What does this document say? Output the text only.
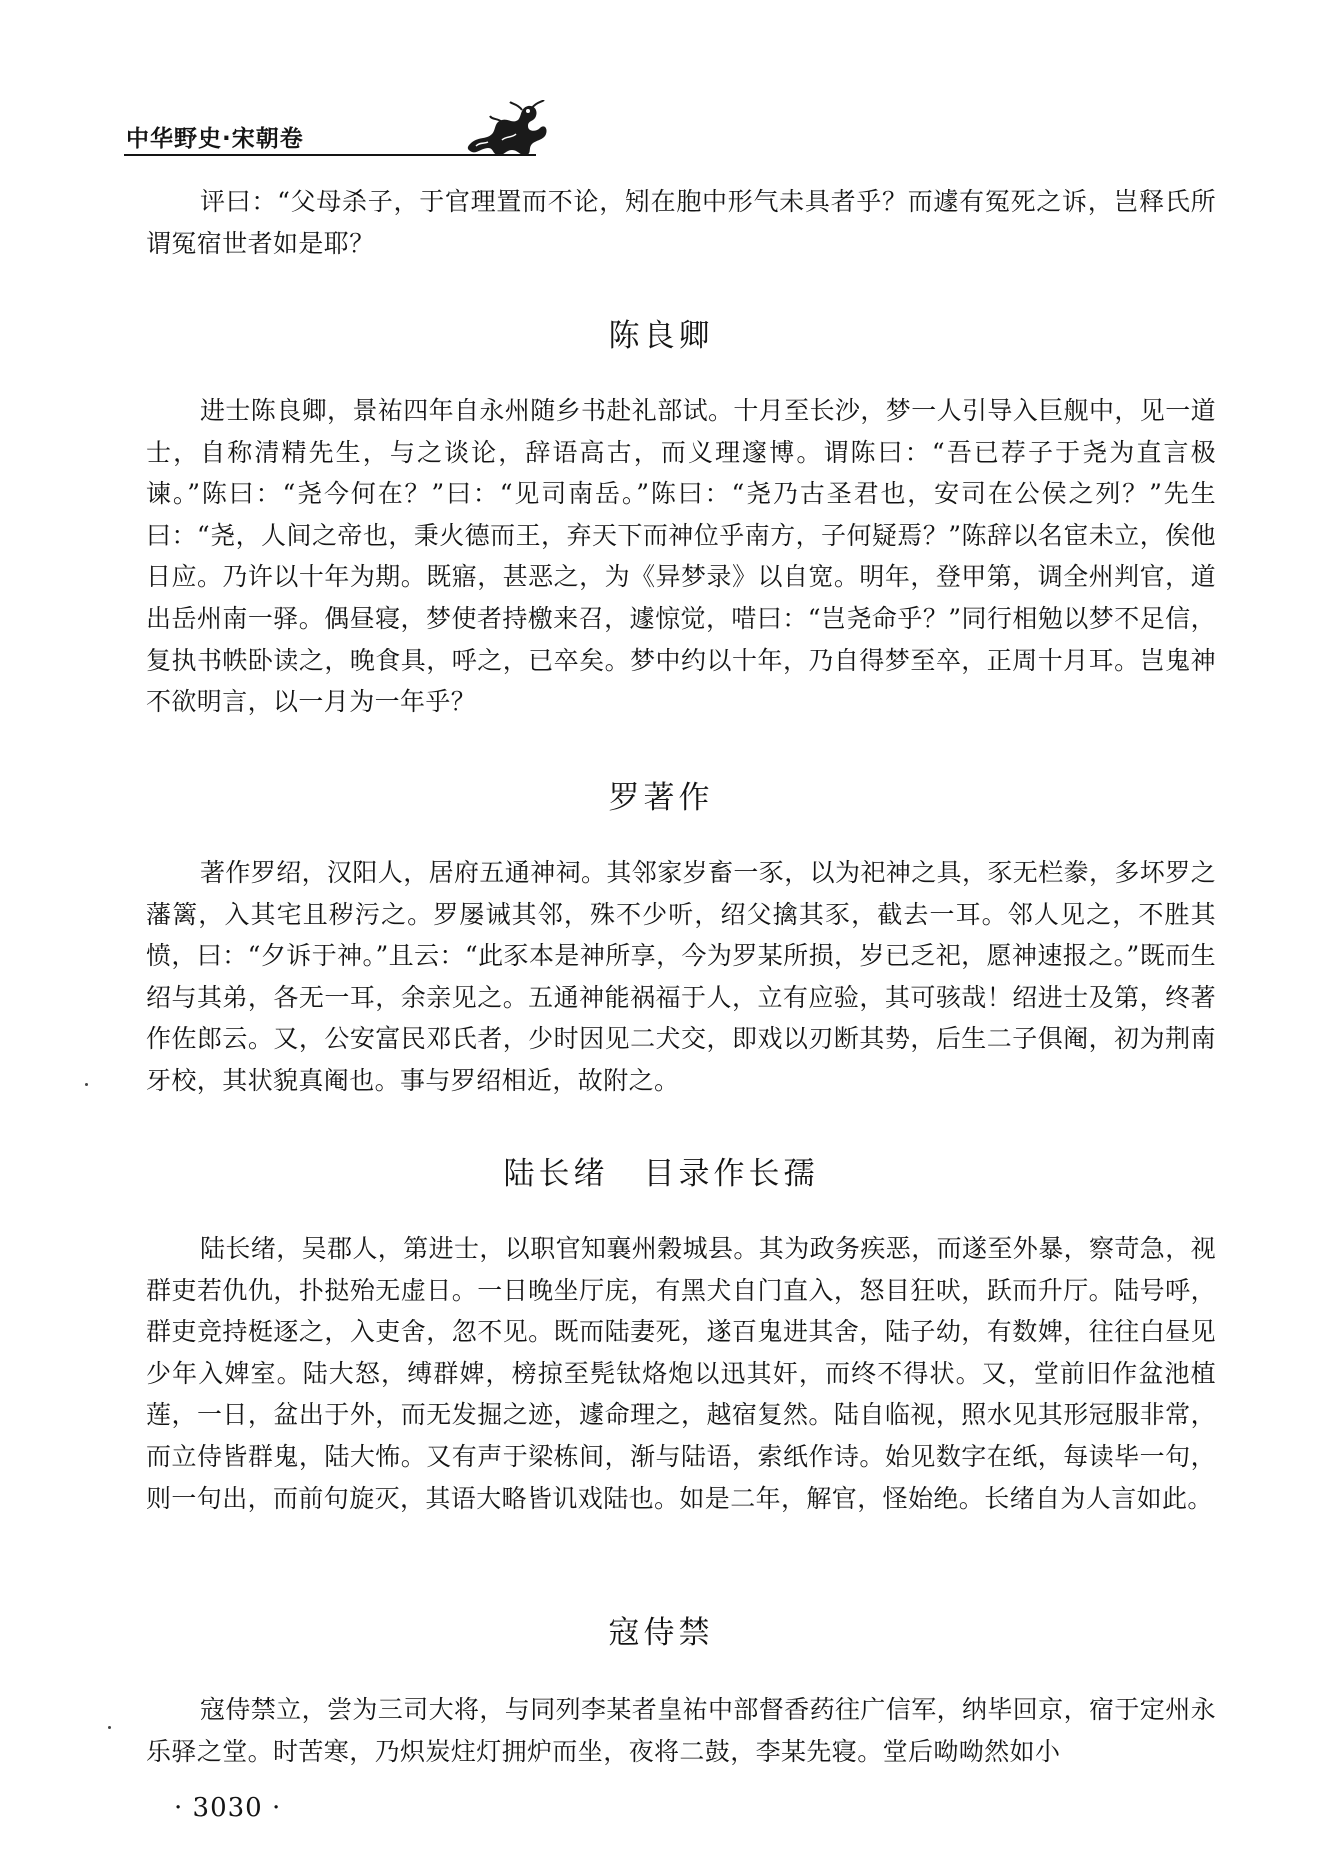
中华野史·宋朝卷

评曰：“父母杀子，于官理置而不论，矧在胞中形气未具者乎？而遽有冤死之诉，岂释氏所谓冤宿世者如是耶？

陈良卿

进士陈良卿，景祐四年自永州随乡书赴礼部试。十月至长沙，梦一人引导入巨舰中，见一道士，自称清精先生，与之谈论，辞语高古，而义理邃博。谓陈曰：“吾已荐子于尧为直言极谏。”陈曰：“尧今何在？”曰：“见司南岳。”陈曰：“尧乃古圣君也，安司在公侯之列？”先生曰：“尧，人间之帝也，秉火德而王，弃天下而神位乎南方，子何疑焉？”陈辞以名宦未立，俟他日应。乃许以十年为期。既寤，甚恶之，为《异梦录》以自宽。明年，登甲第，调全州判官，道出岳州南一驿。偶昼寝，梦使者持檄来召，遽惊觉，唶曰：“岂尧命乎？”同行相勉以梦不足信，复执书帙卧读之，晚食具，呼之，已卒矣。梦中约以十年，乃自得梦至卒，正周十月耳。岂鬼神不欲明言，以一月为一年乎？

罗著作

著作罗绍，汉阳人，居府五通神祠。其邻家岁畜一豕，以为祀神之具，豕无栏豢，多坏罗之藩篱，入其宅且秽污之。罗屡诫其邻，殊不少听，绍父擒其豕，截去一耳。邻人见之，不胜其愤，曰：“夕诉于神。”且云：“此豕本是神所享，今为罗某所损，岁已乏祀，愿神速报之。”既而生绍与其弟，各无一耳，余亲见之。五通神能祸福于人，立有应验，其可骇哉！绍进士及第，终著作佐郎云。又，公安富民邓氏者，少时因见二犬交，即戏以刃断其势，后生二子俱阉，初为荆南牙校，其状貌真阉也。事与罗绍相近，故附之。

陆长绪　目录作长孺

陆长绪，吴郡人，第进士，以职官知襄州穀城县。其为政务疾恶，而遂至外暴，察苛急，视群吏若仇仇，扑挞殆无虚日。一日晚坐厅庑，有黑犬自门直入，怒目狂吠，跃而升厅。陆号呼，群吏竞持梃逐之，入吏舍，忽不见。既而陆妻死，遂百鬼进其舍，陆子幼，有数婢，往往白昼见少年入婢室。陆大怒，缚群婢，榜掠至髡钛烙炮以迅其奸，而终不得状。又，堂前旧作盆池植莲，一日，盆出于外，而无发掘之迹，遽命理之，越宿复然。陆自临视，照水见其形冠服非常，而立侍皆群鬼，陆大怖。又有声于梁栋间，渐与陆语，索纸作诗。始见数字在纸，每读毕一句，则一句出，而前句旋灭，其语大略皆讥戏陆也。如是二年，解官，怪始绝。长绪自为人言如此。

寇侍禁

寇侍禁立，尝为三司大将，与同列李某者皇祐中部督香药往广信军，纳毕回京，宿于定州永乐驿之堂。时苦寒，乃炽炭炷灯拥炉而坐，夜将二鼓，李某先寝。堂后呦呦然如小

· 3030 ·
